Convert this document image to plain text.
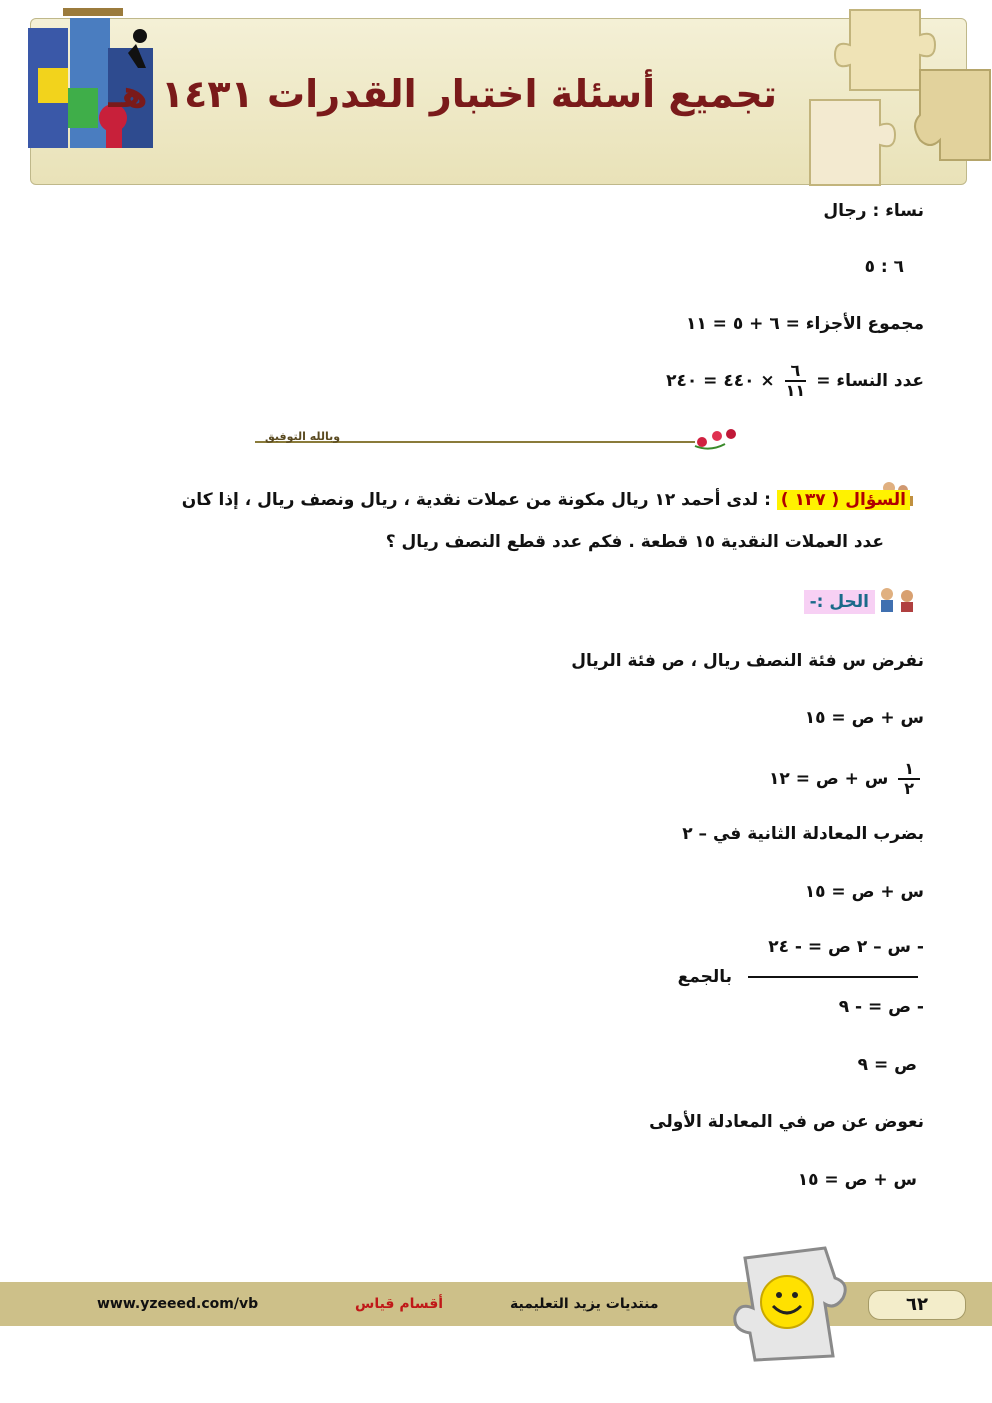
تجميع أسئلة اختبار القدرات ١٤٣١ هـ
نساء : رجال
٦ : ٥
مجموع الأجزاء = ٦ + ٥ = ١١
عدد النساء =
$\frac{٦}{١١}$
× ٤٤٠ = ٢٤٠
وبالله التوفيق
السؤال ( ١٣٧ ) : لدى أحمد ١٢ ريال مكونة من عملات نقدية ، ريال ونصف ريال ، إذا كان
عدد العملات النقدية ١٥ قطعة . فكم عدد قطع النصف ريال ؟
الحل :-
نفرض س فئة النصف ريال ، ص فئة الريال
س + ص = ١٥
$\frac{١}{٢}$
س + ص = ١٢
بضرب المعادلة الثانية في – ٢
س + ص = ١٥
- س – ٢ ص = - ٢٤
بالجمع
- ص = - ٩
ص = ٩
نعوض عن ص في المعادلة الأولى
س + ص = ١٥
www.yzeeed.com/vb	أقسام قياس	منتديات يزيد التعليمية	٦٢
